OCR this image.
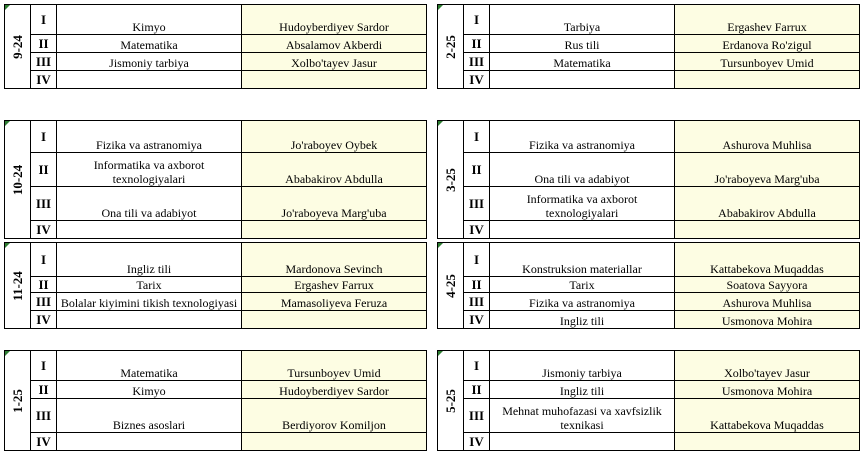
9-24	I	Kimyo	Hudoyberdiyev Sardor
	II	Matematika	Absalamov Akberdi
	III	Jismoniy tarbiya	Xolbo'tayev Jasur
	IV		
2-25	I	Tarbiya	Ergashev Farrux
	II	Rus tili	Erdanova Ro'zigul
	III	Matematika	Tursunboyev Umid
	IV		
10-24	I	Fizika va astranomiya	Jo'raboyev Oybek
	II	Informatika va axborot texnologiyalari	Ababakirov Abdulla
	III	Ona tili va adabiyot	Jo'raboyeva Marg'uba
	IV		
3-25	I	Fizika va astranomiya	Ashurova Muhlisa
	II	Ona tili va adabiyot	Jo'raboyeva Marg'uba
	III	Informatika va axborot texnologiyalari	Ababakirov Abdulla
	IV		
11-24	I	Ingliz tili	Mardonova Sevinch
	II	Tarix	Ergashev Farrux
	III	Bolalar kiyimini tikish texnologiyasi	Mamasoliyeva Feruza
	IV		
4-25	I	Konstruksion materiallar	Kattabekova Muqaddas
	II	Tarix	Soatova Sayyora
	III	Fizika va astranomiya	Ashurova Muhlisa
	IV	Ingliz tili	Usmonova Mohira
1-25	I	Matematika	Tursunboyev Umid
	II	Kimyo	Hudoyberdiyev Sardor
	III	Biznes asoslari	Berdiyorov Komiljon
	IV		
5-25	I	Jismoniy tarbiya	Xolbo'tayev Jasur
	II	Ingliz tili	Usmonova Mohira
	III	Mehnat muhofazasi va xavfsizlik texnikasi	Kattabekova Muqaddas
	IV		
